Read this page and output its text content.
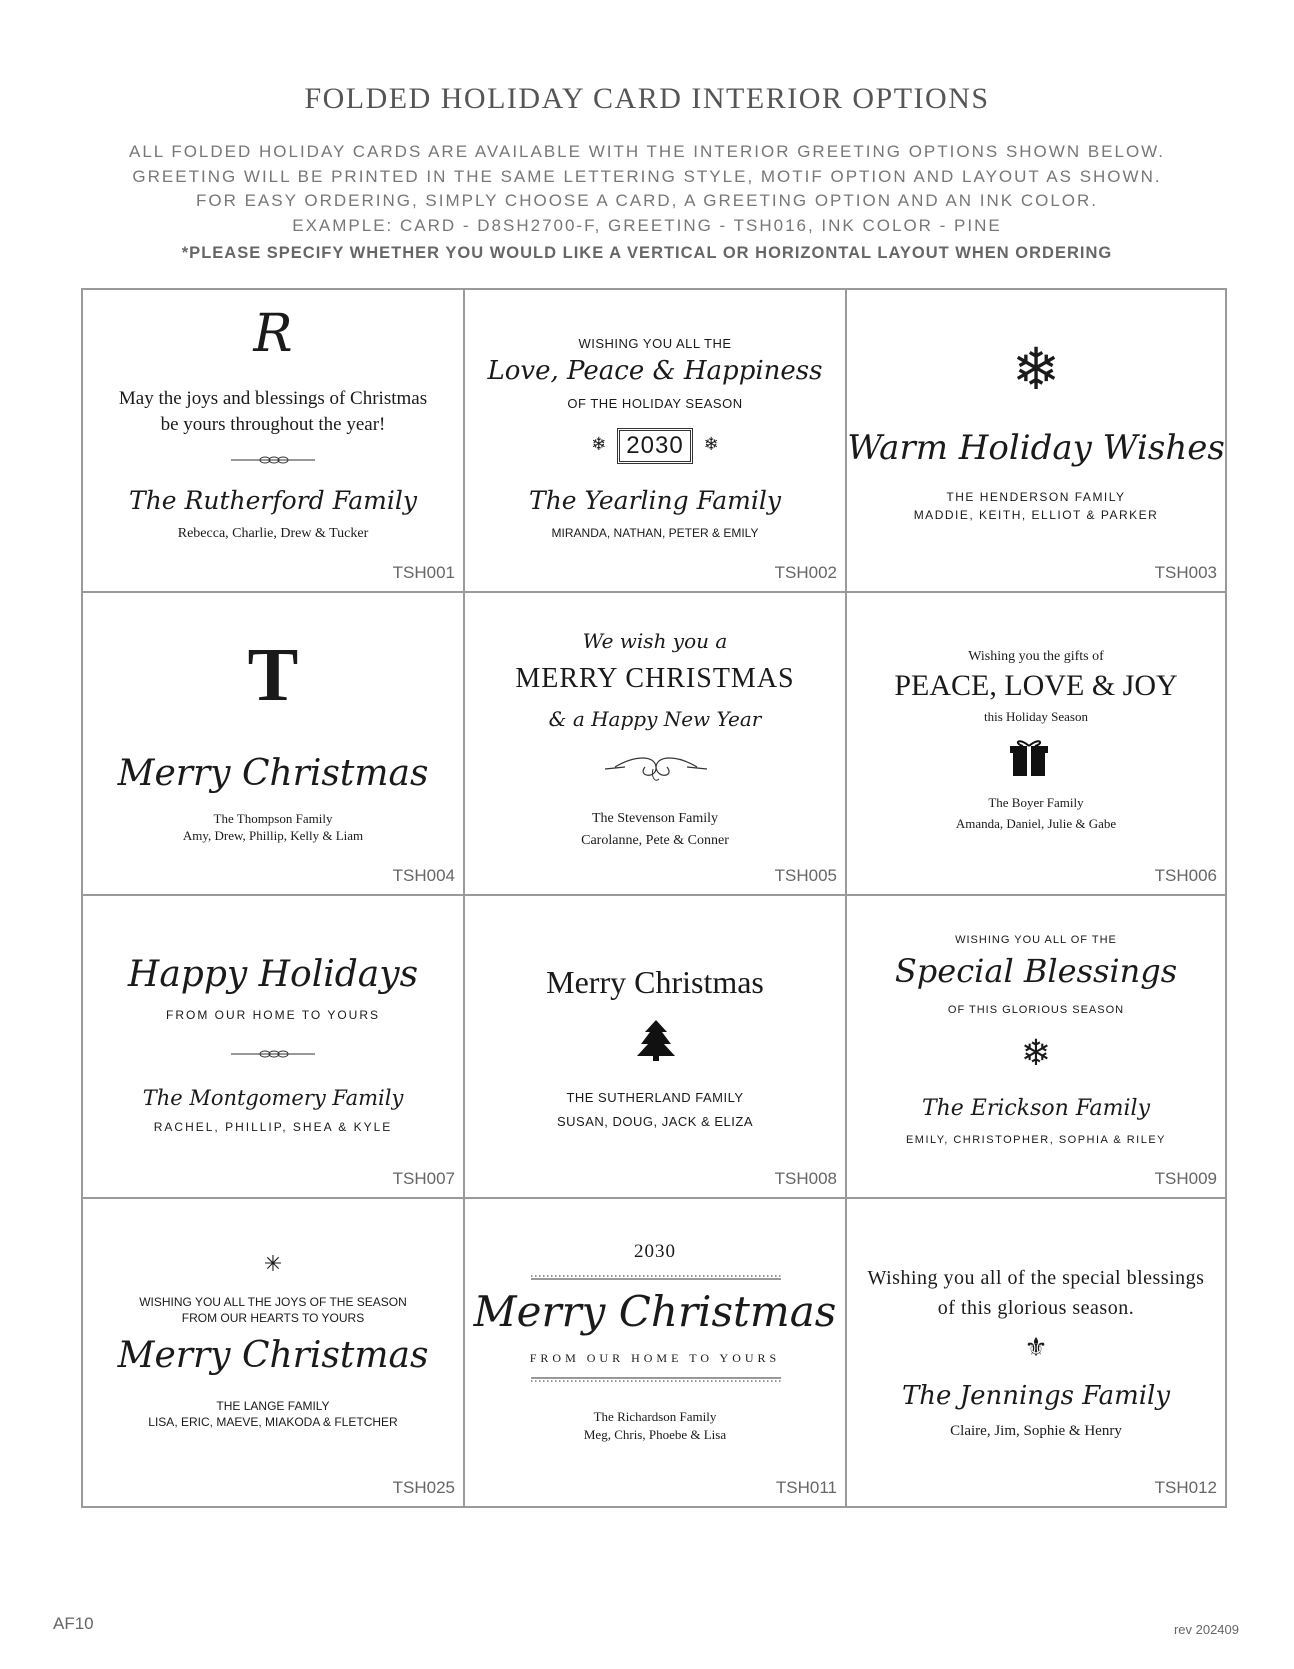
FOLDED HOLIDAY CARD INTERIOR OPTIONS
ALL FOLDED HOLIDAY CARDS ARE AVAILABLE WITH THE INTERIOR GREETING OPTIONS SHOWN BELOW.
GREETING WILL BE PRINTED IN THE SAME LETTERING STYLE, MOTIF OPTION AND LAYOUT AS SHOWN.
FOR EASY ORDERING, SIMPLY CHOOSE A CARD, A GREETING OPTION AND AN INK COLOR.
EXAMPLE: CARD - D8SH2700-F, GREETING - TSH016, INK COLOR - PINE
*PLEASE SPECIFY WHETHER YOU WOULD LIKE A VERTICAL OR HORIZONTAL LAYOUT WHEN ORDERING
R
May the joys and blessings of Christmas
be yours throughout the year!
The Rutherford Family
Rebecca, Charlie, Drew & Tucker
TSH001
WISHING YOU ALL THE
Love, Peace & Happiness
OF THE HOLIDAY SEASON
❄ 2030 ❄
The Yearling Family
MIRANDA, NATHAN, PETER & EMILY
TSH002
❄
Warm Holiday Wishes
THE HENDERSON FAMILY
MADDIE, KEITH, ELLIOT & PARKER
TSH003
T
Merry Christmas
The Thompson Family
Amy, Drew, Phillip, Kelly & Liam
TSH004
We wish you a
MERRY CHRISTMAS
& a Happy New Year
The Stevenson Family
Carolanne, Pete & Conner
TSH005
Wishing you the gifts of
PEACE, LOVE & JOY
this Holiday Season
The Boyer Family
Amanda, Daniel, Julie & Gabe
TSH006
Happy Holidays
FROM OUR HOME TO YOURS
The Montgomery Family
RACHEL, PHILLIP, SHEA & KYLE
TSH007
Merry Christmas
THE SUTHERLAND FAMILY
SUSAN, DOUG, JACK & ELIZA
TSH008
WISHING YOU ALL OF THE
Special Blessings
OF THIS GLORIOUS SEASON
❄
The Erickson Family
EMILY, CHRISTOPHER, SOPHIA & RILEY
TSH009
✳
WISHING YOU ALL THE JOYS OF THE SEASON
FROM OUR HEARTS TO YOURS
Merry Christmas
THE LANGE FAMILY
LISA, ERIC, MAEVE, MIAKODA & FLETCHER
TSH025
2030
Merry Christmas
FROM OUR HOME TO YOURS
The Richardson Family
Meg, Chris, Phoebe & Lisa
TSH011
Wishing you all of the special blessings
of this glorious season.
⚜
The Jennings Family
Claire, Jim, Sophie & Henry
TSH012
AF10	rev 202409
